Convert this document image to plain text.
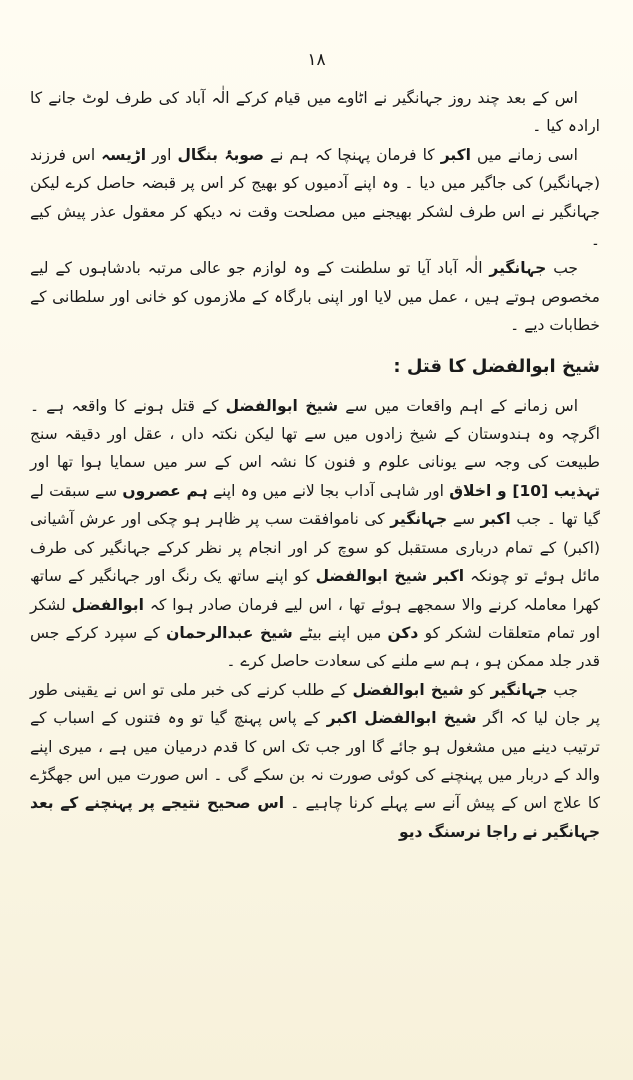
۱۸

اس کے بعد چند روز جہانگیر نے اٹاوے میں قیام کرکے الٰہ آباد کی طرف لوٹ جانے کا ارادہ کیا ۔

اسی زمانے میں اکبر کا فرمان پہنچا کہ ہم نے صوبۂ بنگال اور اڑیسہ اس فرزند (جہانگیر) کی جاگیر میں دیا ۔ وہ اپنے آدمیوں کو بھیج کر اس پر قبضہ حاصل کرے لیکن جہانگیر نے اس طرف لشکر بھیجنے میں مصلحت وقت نہ دیکھ کر معقول عذر پیش کیے ۔

جب جہانگیر الٰہ آباد آیا تو سلطنت کے وہ لوازم جو عالی مرتبہ بادشاہوں کے لیے مخصوص ہوتے ہیں ، عمل میں لایا اور اپنی بارگاہ کے ملازموں کو خانی اور سلطانی کے خطابات دیے ۔

شیخ ابوالفضل کا قتل :

اس زمانے کے اہم واقعات میں سے شیخ ابوالفضل کے قتل ہونے کا واقعہ ہے ۔ اگرچہ وہ ہندوستان کے شیخ زادوں میں سے تھا لیکن نکتہ داں ، عقل اور دقیقہ سنج طبیعت کی وجہ سے یونانی علوم و فنون کا نشہ اس کے سر میں سمایا ہوا تھا اور تہذیب [10] و اخلاق اور شاہی آداب بجا لانے میں وہ اپنے ہم عصروں سے سبقت لے گیا تھا ۔ جب اکبر سے جہانگیر کی ناموافقت سب پر ظاہر ہو چکی اور عرش آشیانی (اکبر) کے تمام درباری مستقبل کو سوچ کر اور انجام پر نظر کرکے جہانگیر کی طرف مائل ہوئے تو چونکہ اکبر شیخ ابوالفضل کو اپنے ساتھ یک رنگ اور جہانگیر کے ساتھ کھرا معاملہ کرنے والا سمجھے ہوئے تھا ، اس لیے فرمان صادر ہوا کہ ابوالفضل لشکر اور تمام متعلقات لشکر کو دکن میں اپنے بیٹے شیخ عبدالرحمان کے سپرد کرکے جس قدر جلد ممکن ہو ، ہم سے ملنے کی سعادت حاصل کرے ۔

جب جہانگیر کو شیخ ابوالفضل کے طلب کرنے کی خبر ملی تو اس نے یقینی طور پر جان لیا کہ اگر شیخ ابوالفضل اکبر کے پاس پہنچ گیا تو وہ فتنوں کے اسباب کے ترتیب دینے میں مشغول ہو جائے گا اور جب تک اس کا قدم درمیان میں ہے ، میری اپنے والد کے دربار میں پہنچنے کی کوئی صورت نہ بن سکے گی ۔ اس صورت میں اس جھگڑے کا علاج اس کے پیش آنے سے پہلے کرنا چاہیے ۔ اس صحیح نتیجے پر پہنچنے کے بعد جہانگیر نے راجا نرسنگ دیو
